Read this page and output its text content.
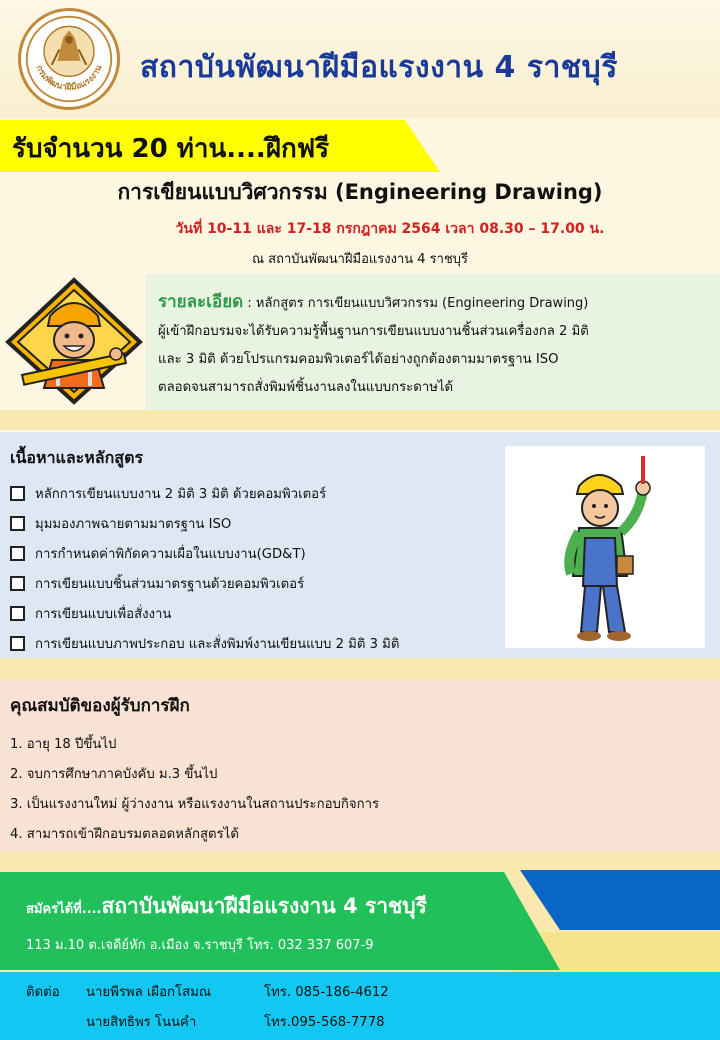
กรมพัฒนาฝีมือแรงงาน สถาบันพัฒนาฝีมือแรงงาน 4 ราชบุรี
รับจำนวน 20 ท่าน....ฝึกฟรี
การเขียนแบบวิศวกรรม (Engineering Drawing)
วันที่ 10-11 และ 17-18 กรกฎาคม 2564 เวลา 08.30 – 17.00 น.
ณ สถาบันพัฒนาฝีมือแรงงาน 4 ราชบุรี
รายละเอียด : หลักสูตร การเขียนแบบวิศวกรรม (Engineering Drawing)
ผู้เข้าฝึกอบรมจะได้รับความรู้พื้นฐานการเขียนแบบงานชิ้นส่วนเครื่องกล 2 มิติ
และ 3 มิติ ด้วยโปรแกรมคอมพิวเตอร์ได้อย่างถูกต้องตามมาตรฐาน ISO
ตลอดจนสามารถสั่งพิมพ์ชิ้นงานลงในแบบกระดาษได้
เนื้อหาและหลักสูตร
หลักการเขียนแบบงาน 2 มิติ 3 มิติ ด้วยคอมพิวเตอร์
มุมมองภาพฉายตามมาตรฐาน ISO
การกำหนดค่าพิกัดความเผื่อในแบบงาน(GD&T)
การเขียนแบบชิ้นส่วนมาตรฐานด้วยคอมพิวเตอร์
การเขียนแบบเพื่อสั่งงาน
การเขียนแบบภาพประกอบ และสั่งพิมพ์งานเขียนแบบ 2 มิติ 3 มิติ
คุณสมบัติของผู้รับการฝึก
1. อายุ 18 ปีขึ้นไป
2. จบการศึกษาภาคบังคับ ม.3 ขึ้นไป
3. เป็นแรงงานใหม่ ผู้ว่างงาน หรือแรงงานในสถานประกอบกิจการ
4. สามารถเข้าฝึกอบรมตลอดหลักสูตรได้
สมัครได้ที่....สถาบันพัฒนาฝีมือแรงงาน 4 ราชบุรี
113 ม.10 ต.เจดีย์หัก อ.เมือง จ.ราชบุรี โทร. 032 337 607-9
ติดต่อ นายพีรพล เผือกโสมณ	โทร. 085-186-4612
นายสิทธิพร โนนคำ	โทร.095-568-7778
